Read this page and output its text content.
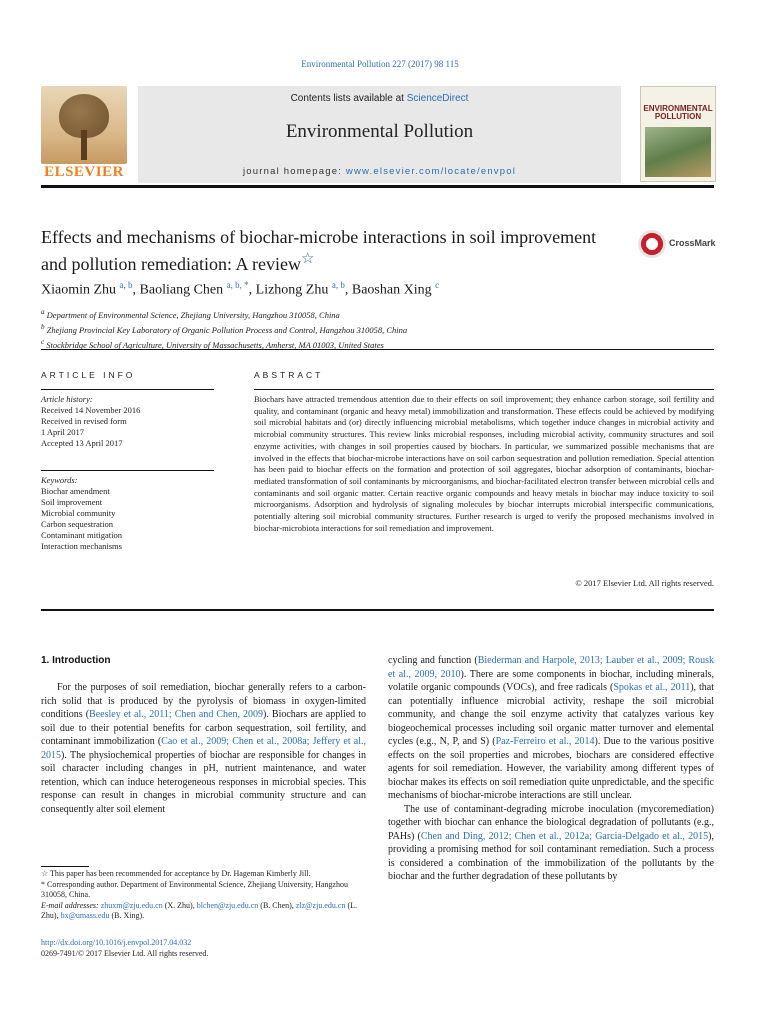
Environmental Pollution 227 (2017) 98 115
ELSEVIER
Contents lists available at ScienceDirect
Environmental Pollution
journal homepage: www.elsevier.com/locate/envpol
ENVIRONMENTAL POLLUTION
Effects and mechanisms of biochar-microbe interactions in soil improvement and pollution remediation: A review☆
CrossMark
Xiaomin Zhu $^{a, b}$, Baoliang Chen $^{a, b, *}$, Lizhong Zhu $^{a, b}$, Baoshan Xing $^c$
$^a$ Department of Environmental Science, Zhejiang University, Hangzhou 310058, China
$^b$ Zhejiang Provincial Key Laboratory of Organic Pollution Process and Control, Hangzhou 310058, China
$^c$ Stockbridge School of Agriculture, University of Massachusetts, Amherst, MA 01003, United States
ARTICLE INFO	ABSTRACT
Article history:
Received 14 November 2016
Received in revised form
1 April 2017
Accepted 13 April 2017
Keywords:
Biochar amendment
Soil improvement
Microbial community
Carbon sequestration
Contaminant mitigation
Interaction mechanisms
Biochars have attracted tremendous attention due to their effects on soil improvement; they enhance carbon storage, soil fertility and quality, and contaminant (organic and heavy metal) immobilization and transformation. These effects could be achieved by modifying soil microbial habitats and (or) directly influencing microbial metabolisms, which together induce changes in microbial activity and microbial community structures. This review links microbial responses, including microbial activity, community structures and soil enzyme activities, with changes in soil properties caused by biochars. In particular, we summarized possible mechanisms that are involved in the effects that biochar-microbe interactions have on soil carbon sequestration and pollution remediation. Special attention has been paid to biochar effects on the formation and protection of soil aggregates, biochar adsorption of contaminants, biochar-mediated transformation of soil contaminants by microorganisms, and biochar-facilitated electron transfer between microbial cells and contaminants and soil organic matter. Certain reactive organic compounds and heavy metals in biochar may induce toxicity to soil microorganisms. Adsorption and hydrolysis of signaling molecules by biochar interrupts microbial interspecific communications, potentially altering soil microbial community structures. Further research is urged to verify the proposed mechanisms involved in biochar-microbiota interactions for soil remediation and improvement.
© 2017 Elsevier Ltd. All rights reserved.
1. Introduction

For the purposes of soil remediation, biochar generally refers to a carbon-rich solid that is produced by the pyrolysis of biomass in oxygen-limited conditions (Beesley et al., 2011; Chen and Chen, 2009). Biochars are applied to soil due to their potential benefits for carbon sequestration, soil fertility, and contaminant immobilization (Cao et al., 2009; Chen et al., 2008a; Jeffery et al., 2015). The physiochemical properties of biochar are responsible for changes in soil character including changes in pH, nutrient maintenance, and water retention, which can induce heterogeneous responses in microbial species. This response can result in changes in microbial community structure and can consequently alter soil element

cycling and function (Biederman and Harpole, 2013; Lauber et al., 2009; Rousk et al., 2009, 2010). There are some components in biochar, including minerals, volatile organic compounds (VOCs), and free radicals (Spokas et al., 2011), that can potentially influence microbial activity, reshape the soil microbial community, and change the soil enzyme activity that catalyzes various key biogeochemical processes including soil organic matter turnover and elemental cycles (e.g., N, P, and S) (Paz-Ferreiro et al., 2014). Due to the various positive effects on the soil properties and microbes, biochars are considered effective agents for soil remediation. However, the variability among different types of biochar makes its effects on soil remediation quite unpredictable, and the specific mechanisms of biochar-microbe interactions are still unclear.

The use of contaminant-degrading microbe inoculation (mycoremediation) together with biochar can enhance the biological degradation of pollutants (e.g., PAHs) (Chen and Ding, 2012; Chen et al., 2012a; Garcia-Delgado et al., 2015), providing a promising method for soil contaminant remediation. Such a process is considered a combination of the immobilization of the pollutants by the biochar and the further degradation of these pollutants by

☆ This paper has been recommended for acceptance by Dr. Hageman Kimberly Jill.

* Corresponding author. Department of Environmental Science, Zhejiang University, Hangzhou 310058, China.

E-mail addresses: zhuxm@zju.edu.cn (X. Zhu), blchen@zju.edu.cn (B. Chen), zlz@zju.edu.cn (L. Zhu), bx@umass.edu (B. Xing).

http://dx.doi.org/10.1016/j.envpol.2017.04.032
0269-7491/© 2017 Elsevier Ltd. All rights reserved.
